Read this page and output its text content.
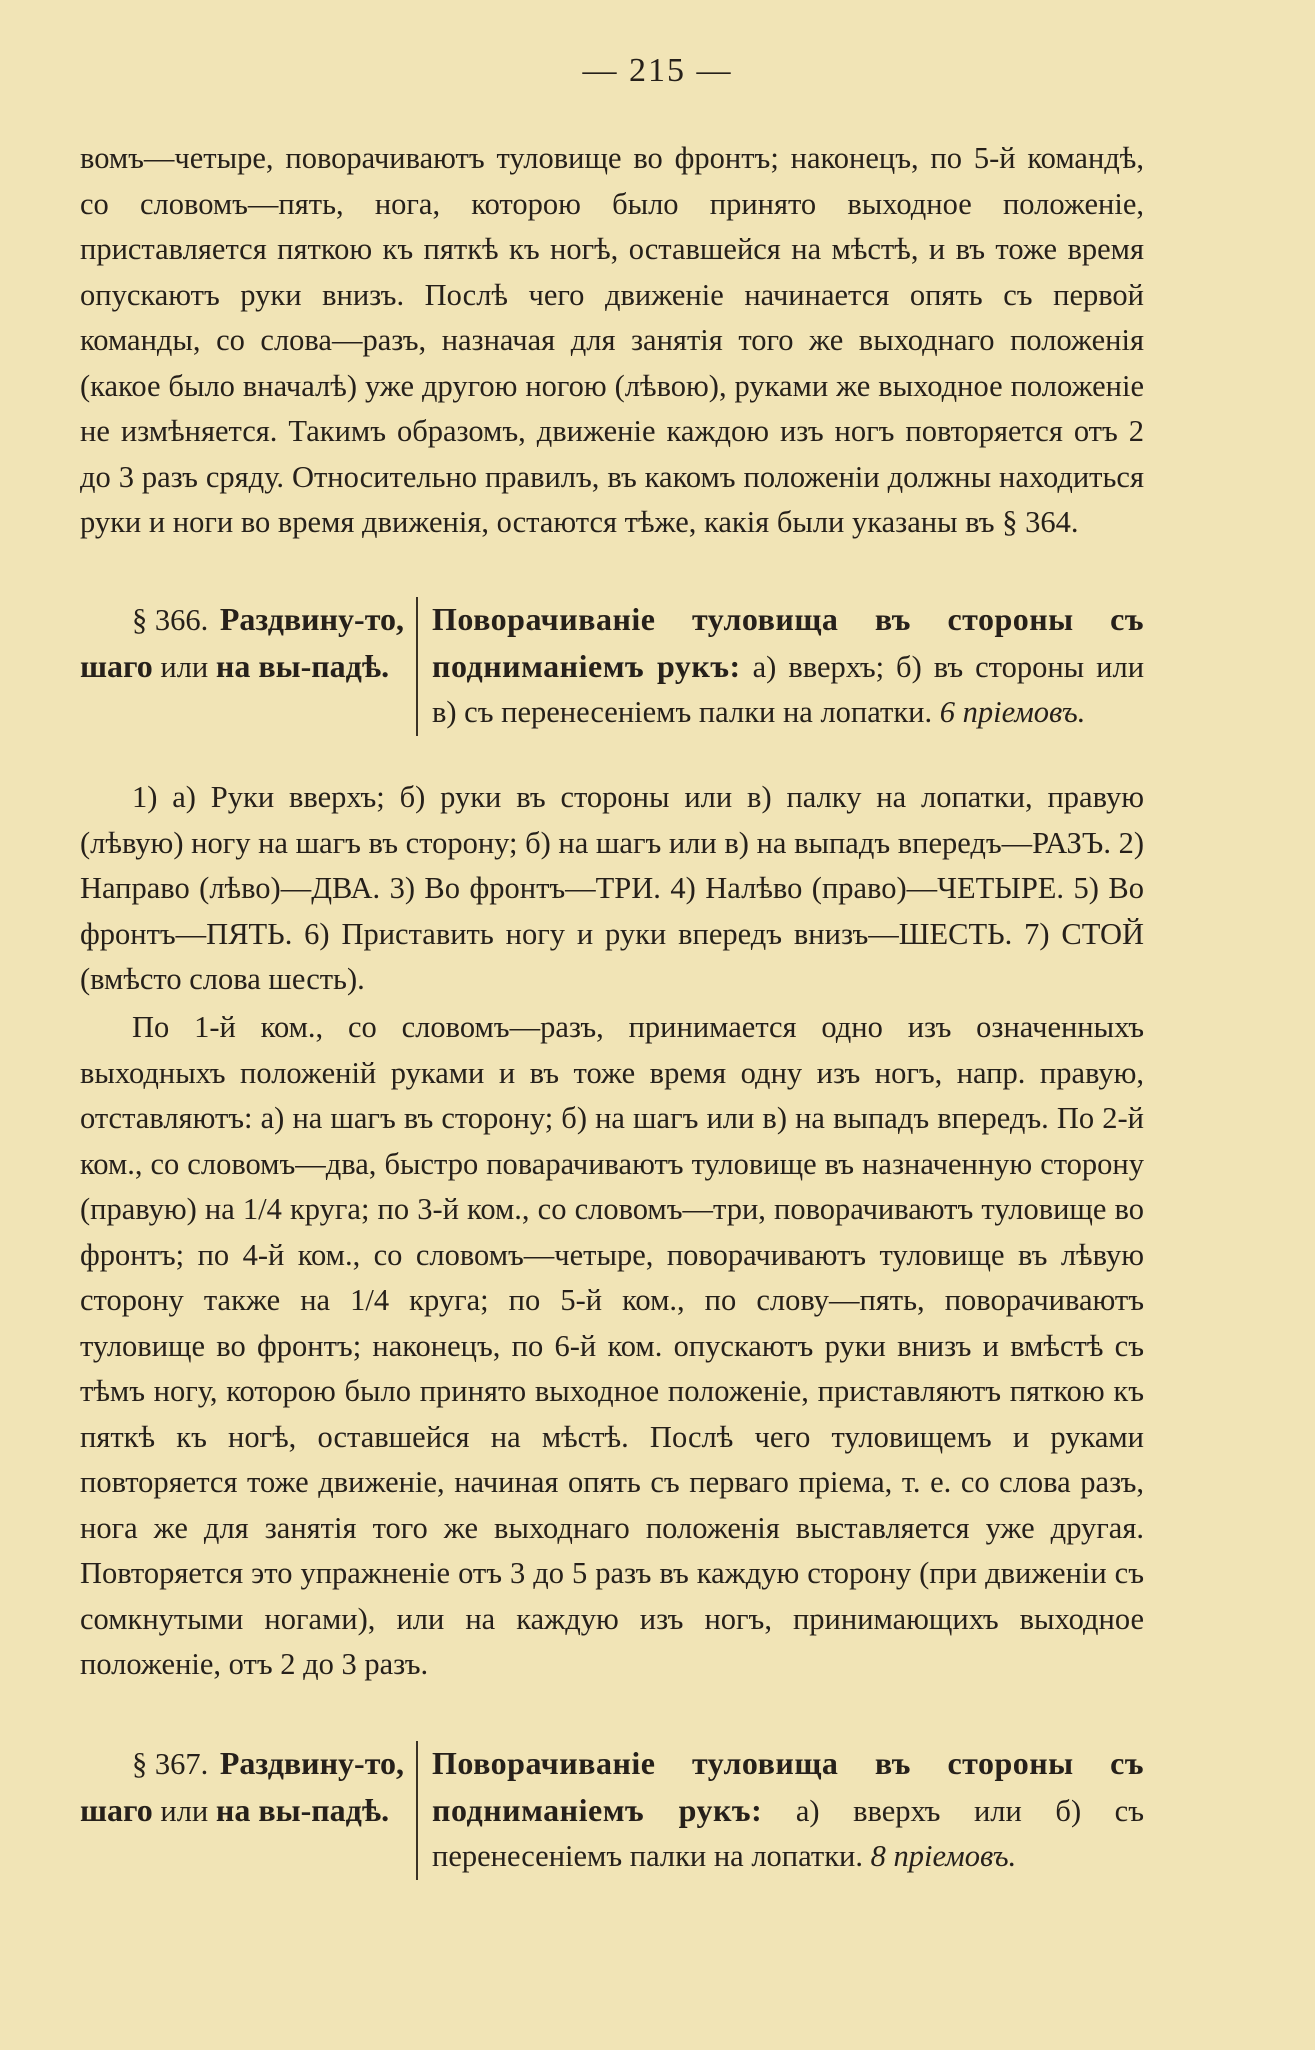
— 215 —

вомъ—четыре, поворачиваютъ туловище во фронтъ; наконецъ, по 5-й командѣ, со словомъ—пять, нога, которою было принято выходное положеніе, приставляется пяткою къ пяткѣ къ ногѣ, оставшейся на мѣстѣ, и въ тоже время опускаютъ руки внизъ. Послѣ чего движеніе начинается опять съ первой команды, со слова—разъ, назначая для занятія того же выходнаго положенія (какое было вначалѣ) уже другою ногою (лѣвою), руками же выходное положеніе не измѣняется. Такимъ образомъ, движеніе каждою изъ ногъ повторяется отъ 2 до 3 разъ сряду. Относительно правилъ, въ какомъ положеніи должны находиться руки и ноги во время движенія, остаются тѣже, какія были указаны въ § 364.

§ 366. Раздвину-то, шаго или на вы-падѣ.
Поворачиваніе туловища въ стороны съ подниманіемъ рукъ: а) вверхъ; б) въ стороны или в) съ перенесеніемъ палки на лопатки. 6 пріемовъ.

1) а) Руки вверхъ; б) руки въ стороны или в) палку на лопатки, правую (лѣвую) ногу на шагъ въ сторону; б) на шагъ или в) на выпадъ впередъ—РАЗЪ. 2) Направо (лѣво)—ДВА. 3) Во фронтъ—ТРИ. 4) Налѣво (право)—ЧЕТЫРЕ. 5) Во фронтъ—ПЯТЬ. 6) Приставить ногу и руки впередъ внизъ—ШЕСТЬ. 7) СТОЙ (вмѣсто слова шесть).

По 1-й ком., со словомъ—разъ, принимается одно изъ означенныхъ выходныхъ положеній руками и въ тоже время одну изъ ногъ, напр. правую, отставляютъ: а) на шагъ въ сторону; б) на шагъ или в) на выпадъ впередъ. По 2-й ком., со словомъ—два, быстро поварачиваютъ туловище въ назначенную сторону (правую) на 1/4 круга; по 3-й ком., со словомъ—три, поворачиваютъ туловище во фронтъ; по 4-й ком., со словомъ—четыре, поворачиваютъ туловище въ лѣвую сторону также на 1/4 круга; по 5-й ком., по слову—пять, поворачиваютъ туловище во фронтъ; наконецъ, по 6-й ком. опускаютъ руки внизъ и вмѣстѣ съ тѣмъ ногу, которою было принято выходное положеніе, приставляютъ пяткою къ пяткѣ къ ногѣ, оставшейся на мѣстѣ. Послѣ чего туловищемъ и руками повторяется тоже движеніе, начиная опять съ перваго пріема, т. е. со слова разъ, нога же для занятія того же выходнаго положенія выставляется уже другая. Повторяется это упражненіе отъ 3 до 5 разъ въ каждую сторону (при движеніи съ сомкнутыми ногами), или на каждую изъ ногъ, принимающихъ выходное положеніе, отъ 2 до 3 разъ.

§ 367. Раздвину-то, шаго или на вы-падѣ.
Поворачиваніе туловища въ стороны съ подниманіемъ рукъ: а) вверхъ или б) съ перенесеніемъ палки на лопатки. 8 пріемовъ.
